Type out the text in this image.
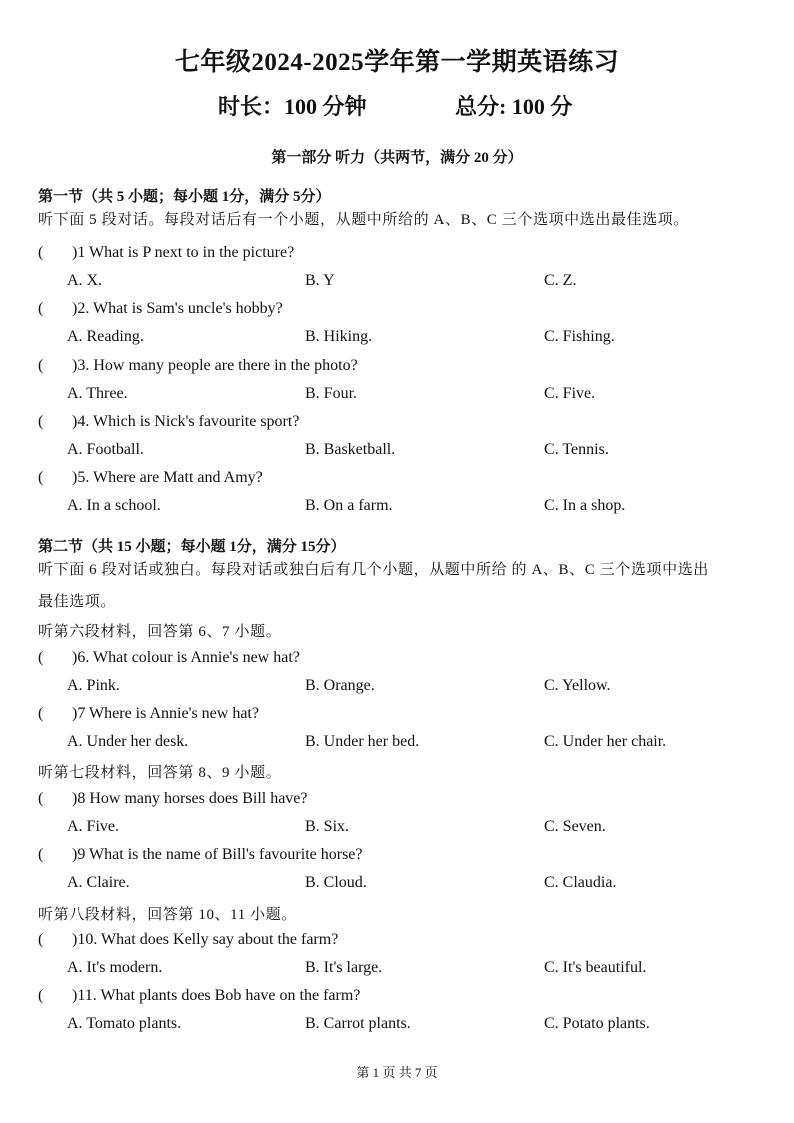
七年级2024-2025学年第一学期英语练习
时长：100 分钟	总分: 100 分
第一部分 听力（共两节，满分 20 分）
第一节（共 5 小题；每小题 1分，满分 5分）
听下面 5 段对话。每段对话后有一个小题，从题中所给的 A、B、C 三个选项中选出最佳选项。
( )1 What is P next to in the picture?
A. X.	B. Y	C. Z.
( )2. What is Sam's uncle's hobby?
A. Reading.	B. Hiking.	C. Fishing.
( )3. How many people are there in the photo?
A. Three.	B. Four.	C. Five.
( )4. Which is Nick's favourite sport?
A. Football.	B. Basketball.	C. Tennis.
( )5. Where are Matt and Amy?
A. In a school.	B. On a farm.	C. In a shop.
第二节（共 15 小题；每小题 1分，满分 15分）
听下面 6 段对话或独白。每段对话或独白后有几个小题，从题中所给 的 A、B、C 三个选项中选出
最佳选项。
听第六段材料，回答第 6、7 小题。
( )6. What colour is Annie's new hat?
A. Pink.	B. Orange.	C. Yellow.
( )7 Where is Annie's new hat?
A. Under her desk.	B. Under her bed.	C. Under her chair.
听第七段材料，回答第 8、9 小题。
( )8 How many horses does Bill have?
A. Five.	B. Six.	C. Seven.
( )9 What is the name of Bill's favourite horse?
A. Claire.	B. Cloud.	C. Claudia.
听第八段材料，回答第 10、11 小题。
( )10. What does Kelly say about the farm?
A. It's modern.	B. It's large.	C. It's beautiful.
( )11. What plants does Bob have on the farm?
A. Tomato plants.	B. Carrot plants.	C. Potato plants.
第 1 页 共 7 页
